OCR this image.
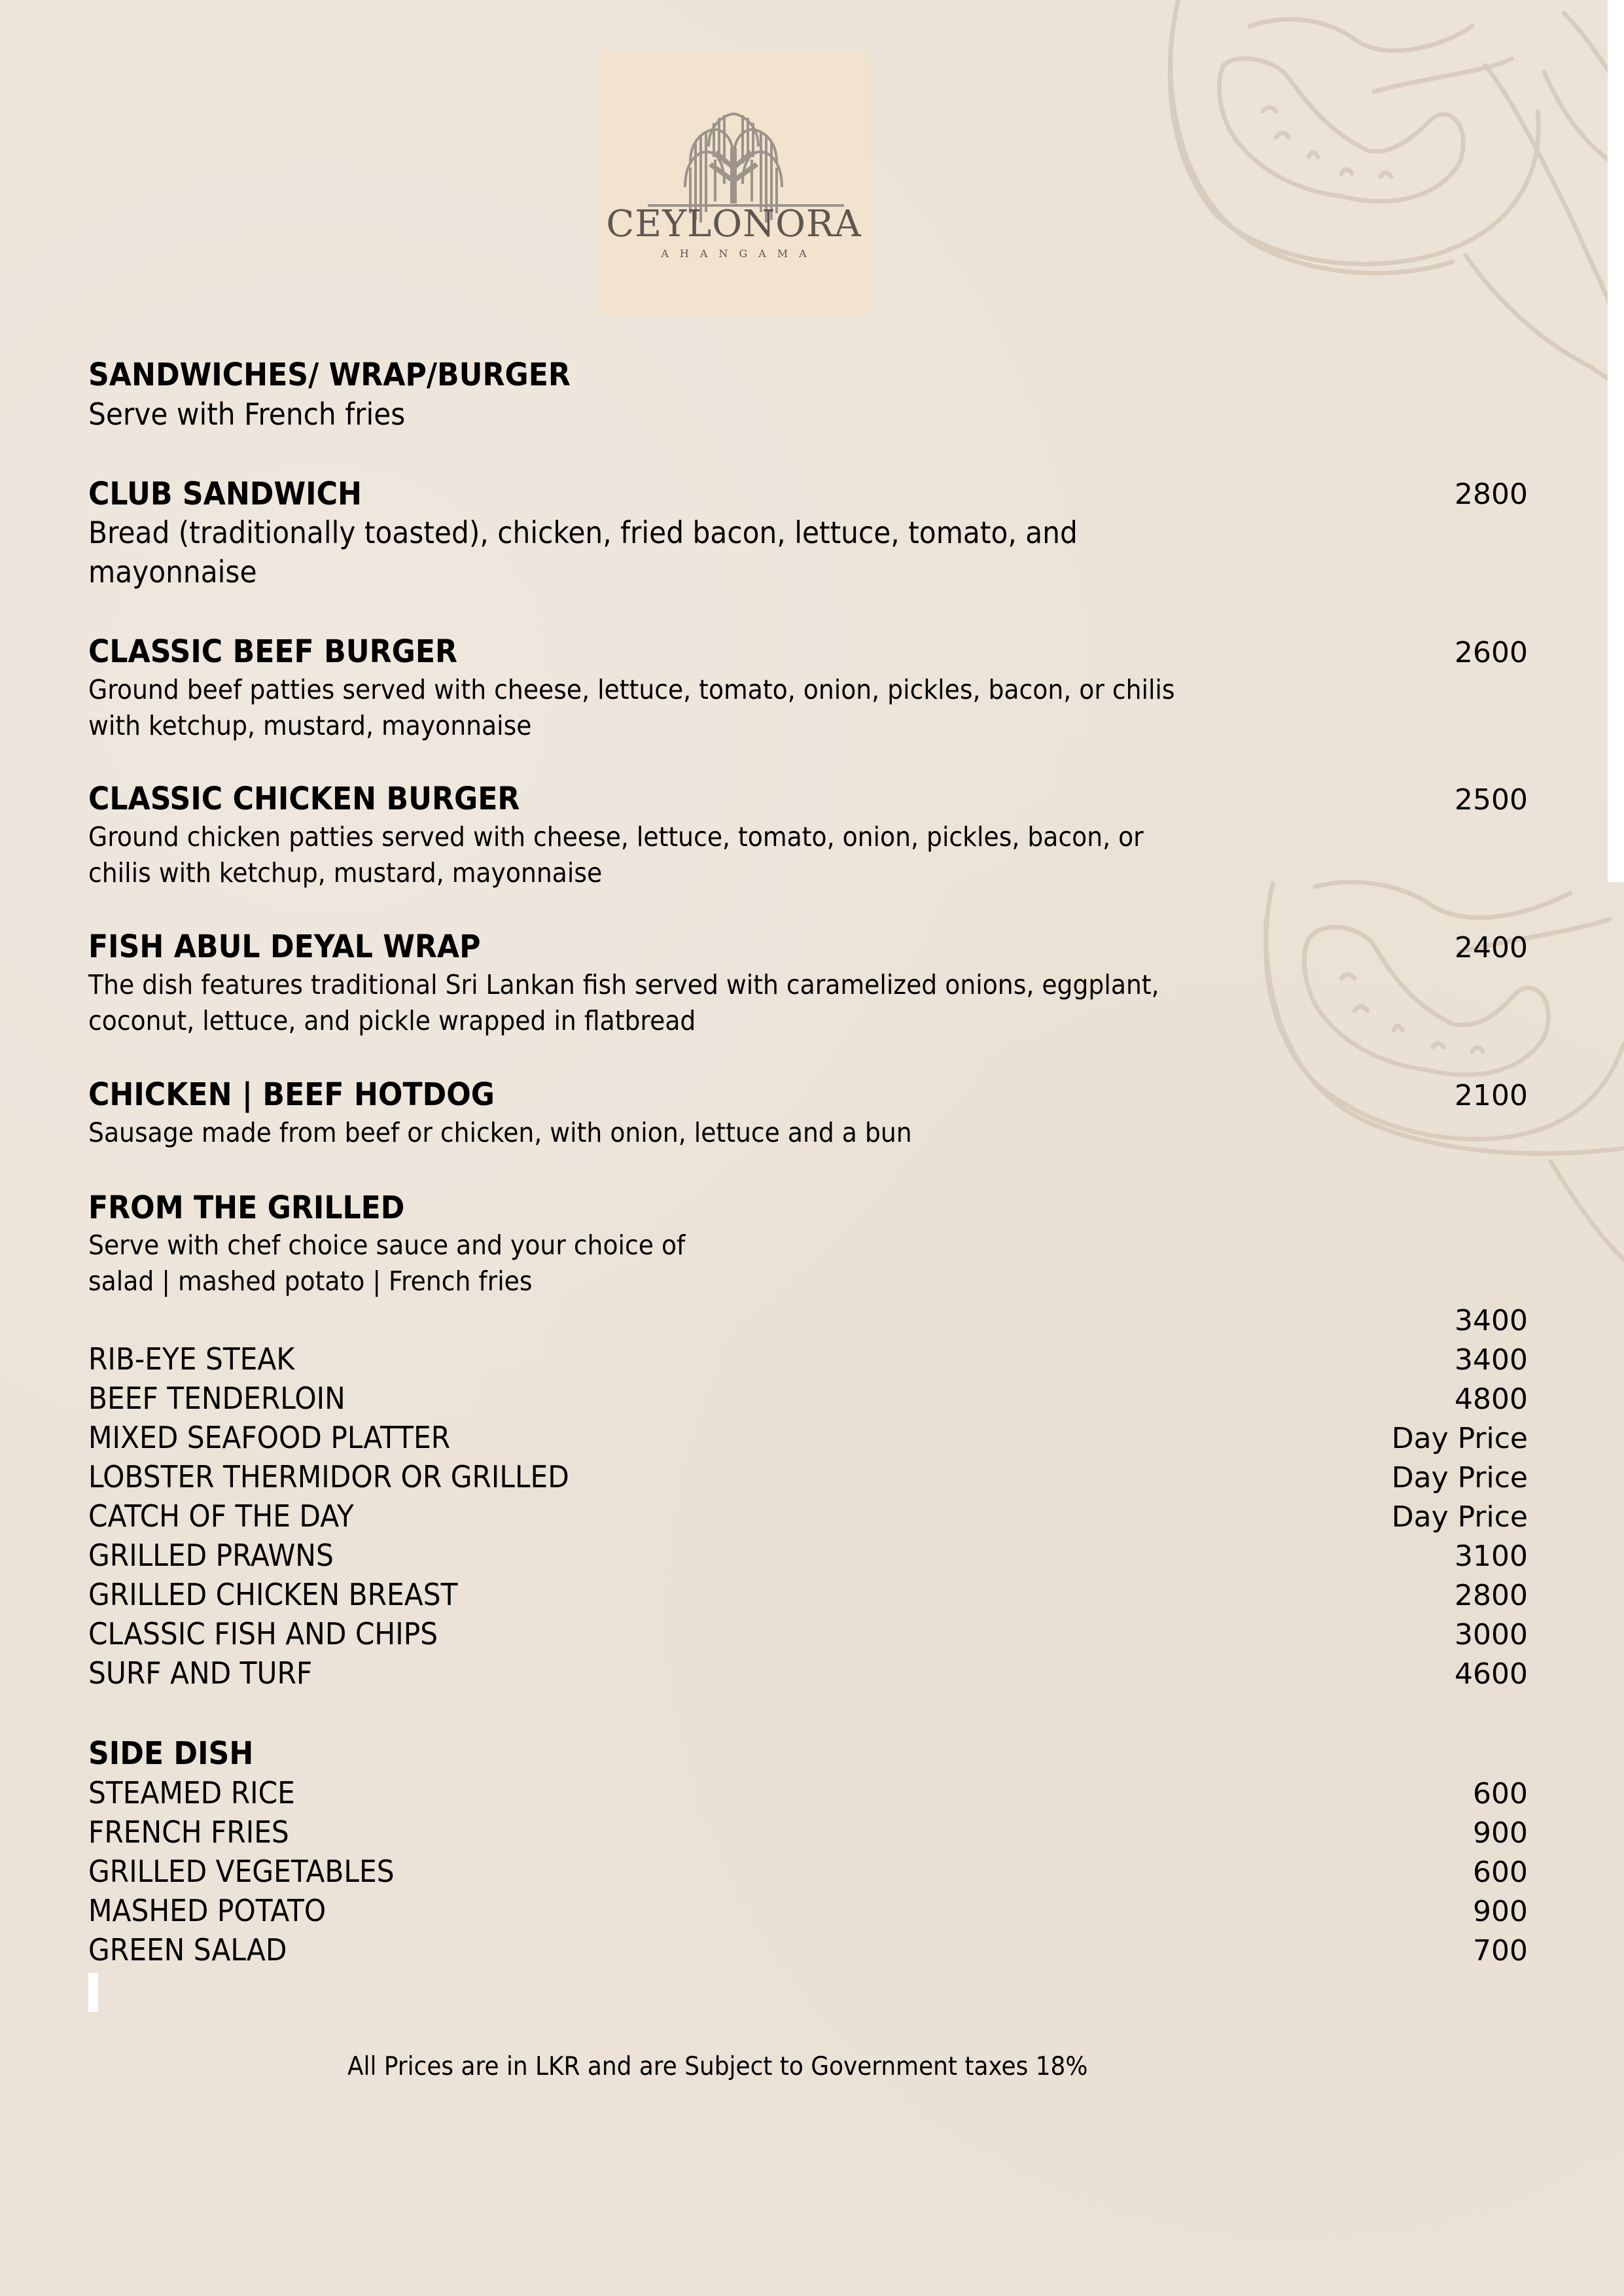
CEYLONORA
AHANGAMA
SANDWICHES/ WRAP/BURGER
Serve with French fries
CLUB SANDWICH	2800
Bread (traditionally toasted), chicken, fried bacon, lettuce, tomato, and
mayonnaise
CLASSIC BEEF BURGER	2600
Ground beef patties served with cheese, lettuce, tomato, onion, pickles, bacon, or chilis
with ketchup, mustard, mayonnaise
CLASSIC CHICKEN BURGER	2500
Ground chicken patties served with cheese, lettuce, tomato, onion, pickles, bacon, or
chilis with ketchup, mustard, mayonnaise
FISH ABUL DEYAL WRAP	2400
The dish features traditional Sri Lankan fish served with caramelized onions, eggplant,
coconut, lettuce, and pickle wrapped in flatbread
CHICKEN | BEEF HOTDOG	2100
Sausage made from beef or chicken, with onion, lettuce and a bun
FROM THE GRILLED
Serve with chef choice sauce and your choice of
salad | mashed potato | French fries
3400
RIB-EYE STEAK	3400
BEEF TENDERLOIN	4800
MIXED SEAFOOD PLATTER	Day Price
LOBSTER THERMIDOR OR GRILLED	Day Price
CATCH OF THE DAY	Day Price
GRILLED PRAWNS	3100
GRILLED CHICKEN BREAST	2800
CLASSIC FISH AND CHIPS	3000
SURF AND TURF	4600
SIDE DISH
STEAMED RICE	600
FRENCH FRIES	900
GRILLED VEGETABLES	600
MASHED POTATO	900
GREEN SALAD	700
All Prices are in LKR and are Subject to Government taxes 18%
